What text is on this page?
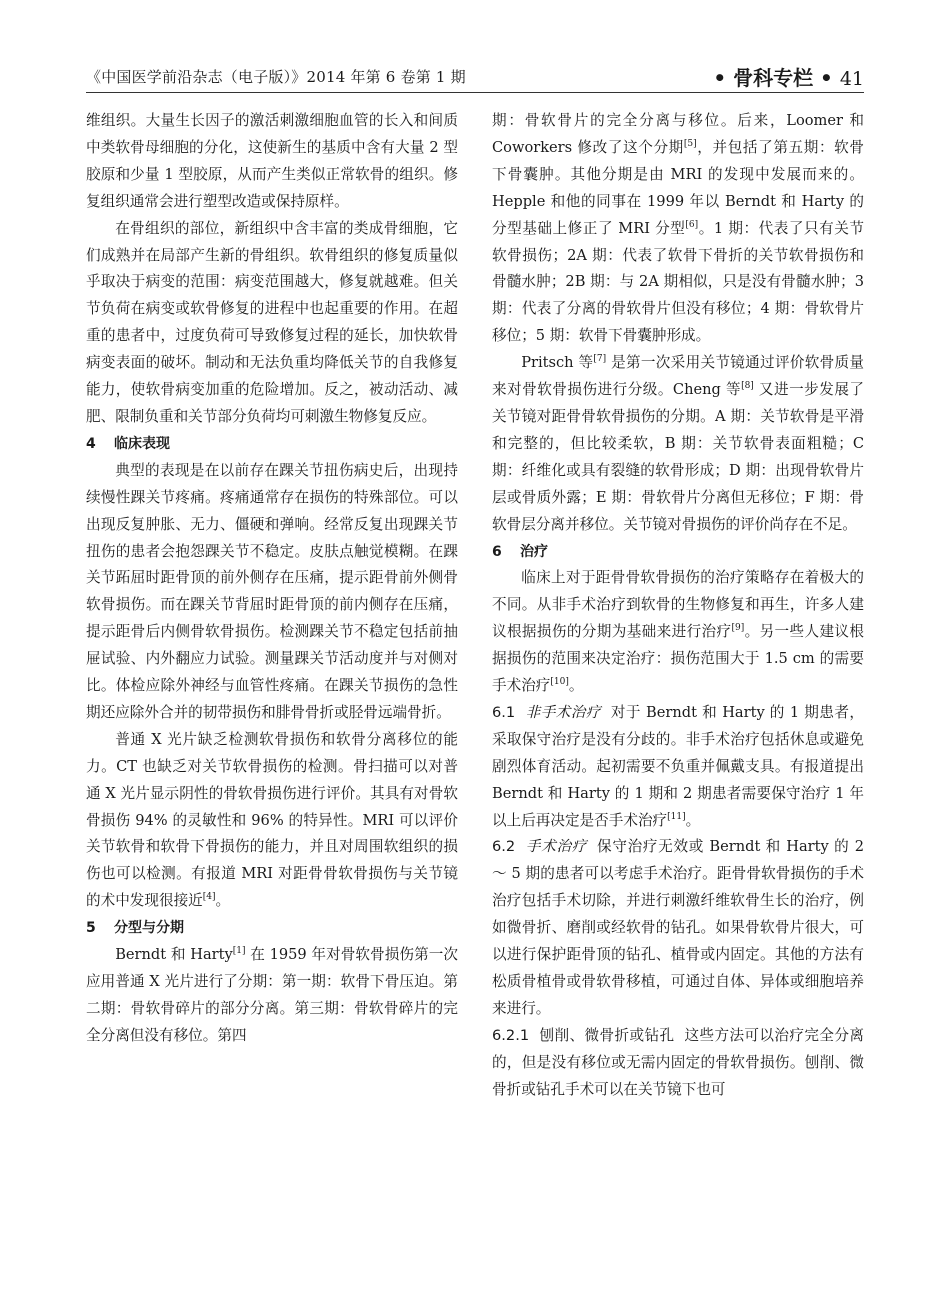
《中国医学前沿杂志（电子版）》2014 年第 6 卷第 1 期	• 骨科专栏 • 41

维组织。大量生长因子的激活刺激细胞血管的长入和间质中类软骨母细胞的分化，这使新生的基质中含有大量 2 型胶原和少量 1 型胶原，从而产生类似正常软骨的组织。修复组织通常会进行塑型改造或保持原样。

在骨组织的部位，新组织中含丰富的类成骨细胞，它们成熟并在局部产生新的骨组织。软骨组织的修复质量似乎取决于病变的范围：病变范围越大，修复就越难。但关节负荷在病变或软骨修复的进程中也起重要的作用。在超重的患者中，过度负荷可导致修复过程的延长，加快软骨病变表面的破坏。制动和无法负重均降低关节的自我修复能力，使软骨病变加重的危险增加。反之，被动活动、减肥、限制负重和关节部分负荷均可刺激生物修复反应。

4 临床表现

典型的表现是在以前存在踝关节扭伤病史后，出现持续慢性踝关节疼痛。疼痛通常存在损伤的特殊部位。可以出现反复肿胀、无力、僵硬和弹响。经常反复出现踝关节扭伤的患者会抱怨踝关节不稳定。皮肤点触觉模糊。在踝关节跖屈时距骨顶的前外侧存在压痛，提示距骨前外侧骨软骨损伤。而在踝关节背屈时距骨顶的前内侧存在压痛，提示距骨后内侧骨软骨损伤。检测踝关节不稳定包括前抽屉试验、内外翻应力试验。测量踝关节活动度并与对侧对比。体检应除外神经与血管性疼痛。在踝关节损伤的急性期还应除外合并的韧带损伤和腓骨骨折或胫骨远端骨折。

普通 X 光片缺乏检测软骨损伤和软骨分离移位的能力。CT 也缺乏对关节软骨损伤的检测。骨扫描可以对普通 X 光片显示阴性的骨软骨损伤进行评价。其具有对骨软骨损伤 94% 的灵敏性和 96% 的特异性。MRI 可以评价关节软骨和软骨下骨损伤的能力，并且对周围软组织的损伤也可以检测。有报道 MRI 对距骨骨软骨损伤与关节镜的术中发现很接近[4]。

5 分型与分期

Berndt 和 Harty[1] 在 1959 年对骨软骨损伤第一次应用普通 X 光片进行了分期：第一期：软骨下骨压迫。第二期：骨软骨碎片的部分分离。第三期：骨软骨碎片的完全分离但没有移位。第四

期：骨软骨片的完全分离与移位。后来，Loomer 和 Coworkers 修改了这个分期[5]，并包括了第五期：软骨下骨囊肿。其他分期是由 MRI 的发现中发展而来的。Hepple 和他的同事在 1999 年以 Berndt 和 Harty 的分型基础上修正了 MRI 分型[6]。1 期：代表了只有关节软骨损伤；2A 期：代表了软骨下骨折的关节软骨损伤和骨髓水肿；2B 期：与 2A 期相似，只是没有骨髓水肿；3 期：代表了分离的骨软骨片但没有移位；4 期：骨软骨片移位；5 期：软骨下骨囊肿形成。

Pritsch 等[7] 是第一次采用关节镜通过评价软骨质量来对骨软骨损伤进行分级。Cheng 等[8] 又进一步发展了关节镜对距骨骨软骨损伤的分期。A 期：关节软骨是平滑和完整的，但比较柔软，B 期：关节软骨表面粗糙；C 期：纤维化或具有裂缝的软骨形成；D 期：出现骨软骨片层或骨质外露；E 期：骨软骨片分离但无移位；F 期：骨软骨层分离并移位。关节镜对骨损伤的评价尚存在不足。

6 治疗

临床上对于距骨骨软骨损伤的治疗策略存在着极大的不同。从非手术治疗到软骨的生物修复和再生，许多人建议根据损伤的分期为基础来进行治疗[9]。另一些人建议根据损伤的范围来决定治疗：损伤范围大于 1.5 cm 的需要手术治疗[10]。

6.1 非手术治疗 对于 Berndt 和 Harty 的 1 期患者，采取保守治疗是没有分歧的。非手术治疗包括休息或避免剧烈体育活动。起初需要不负重并佩戴支具。有报道提出 Berndt 和 Harty 的 1 期和 2 期患者需要保守治疗 1 年以上后再决定是否手术治疗[11]。

6.2 手术治疗 保守治疗无效或 Berndt 和 Harty 的 2 ～ 5 期的患者可以考虑手术治疗。距骨骨软骨损伤的手术治疗包括手术切除，并进行刺激纤维软骨生长的治疗，例如微骨折、磨削或经软骨的钻孔。如果骨软骨片很大，可以进行保护距骨顶的钻孔、植骨或内固定。其他的方法有松质骨植骨或骨软骨移植，可通过自体、异体或细胞培养来进行。

6.2.1 刨削、微骨折或钻孔 这些方法可以治疗完全分离的，但是没有移位或无需内固定的骨软骨损伤。刨削、微骨折或钻孔手术可以在关节镜下也可
